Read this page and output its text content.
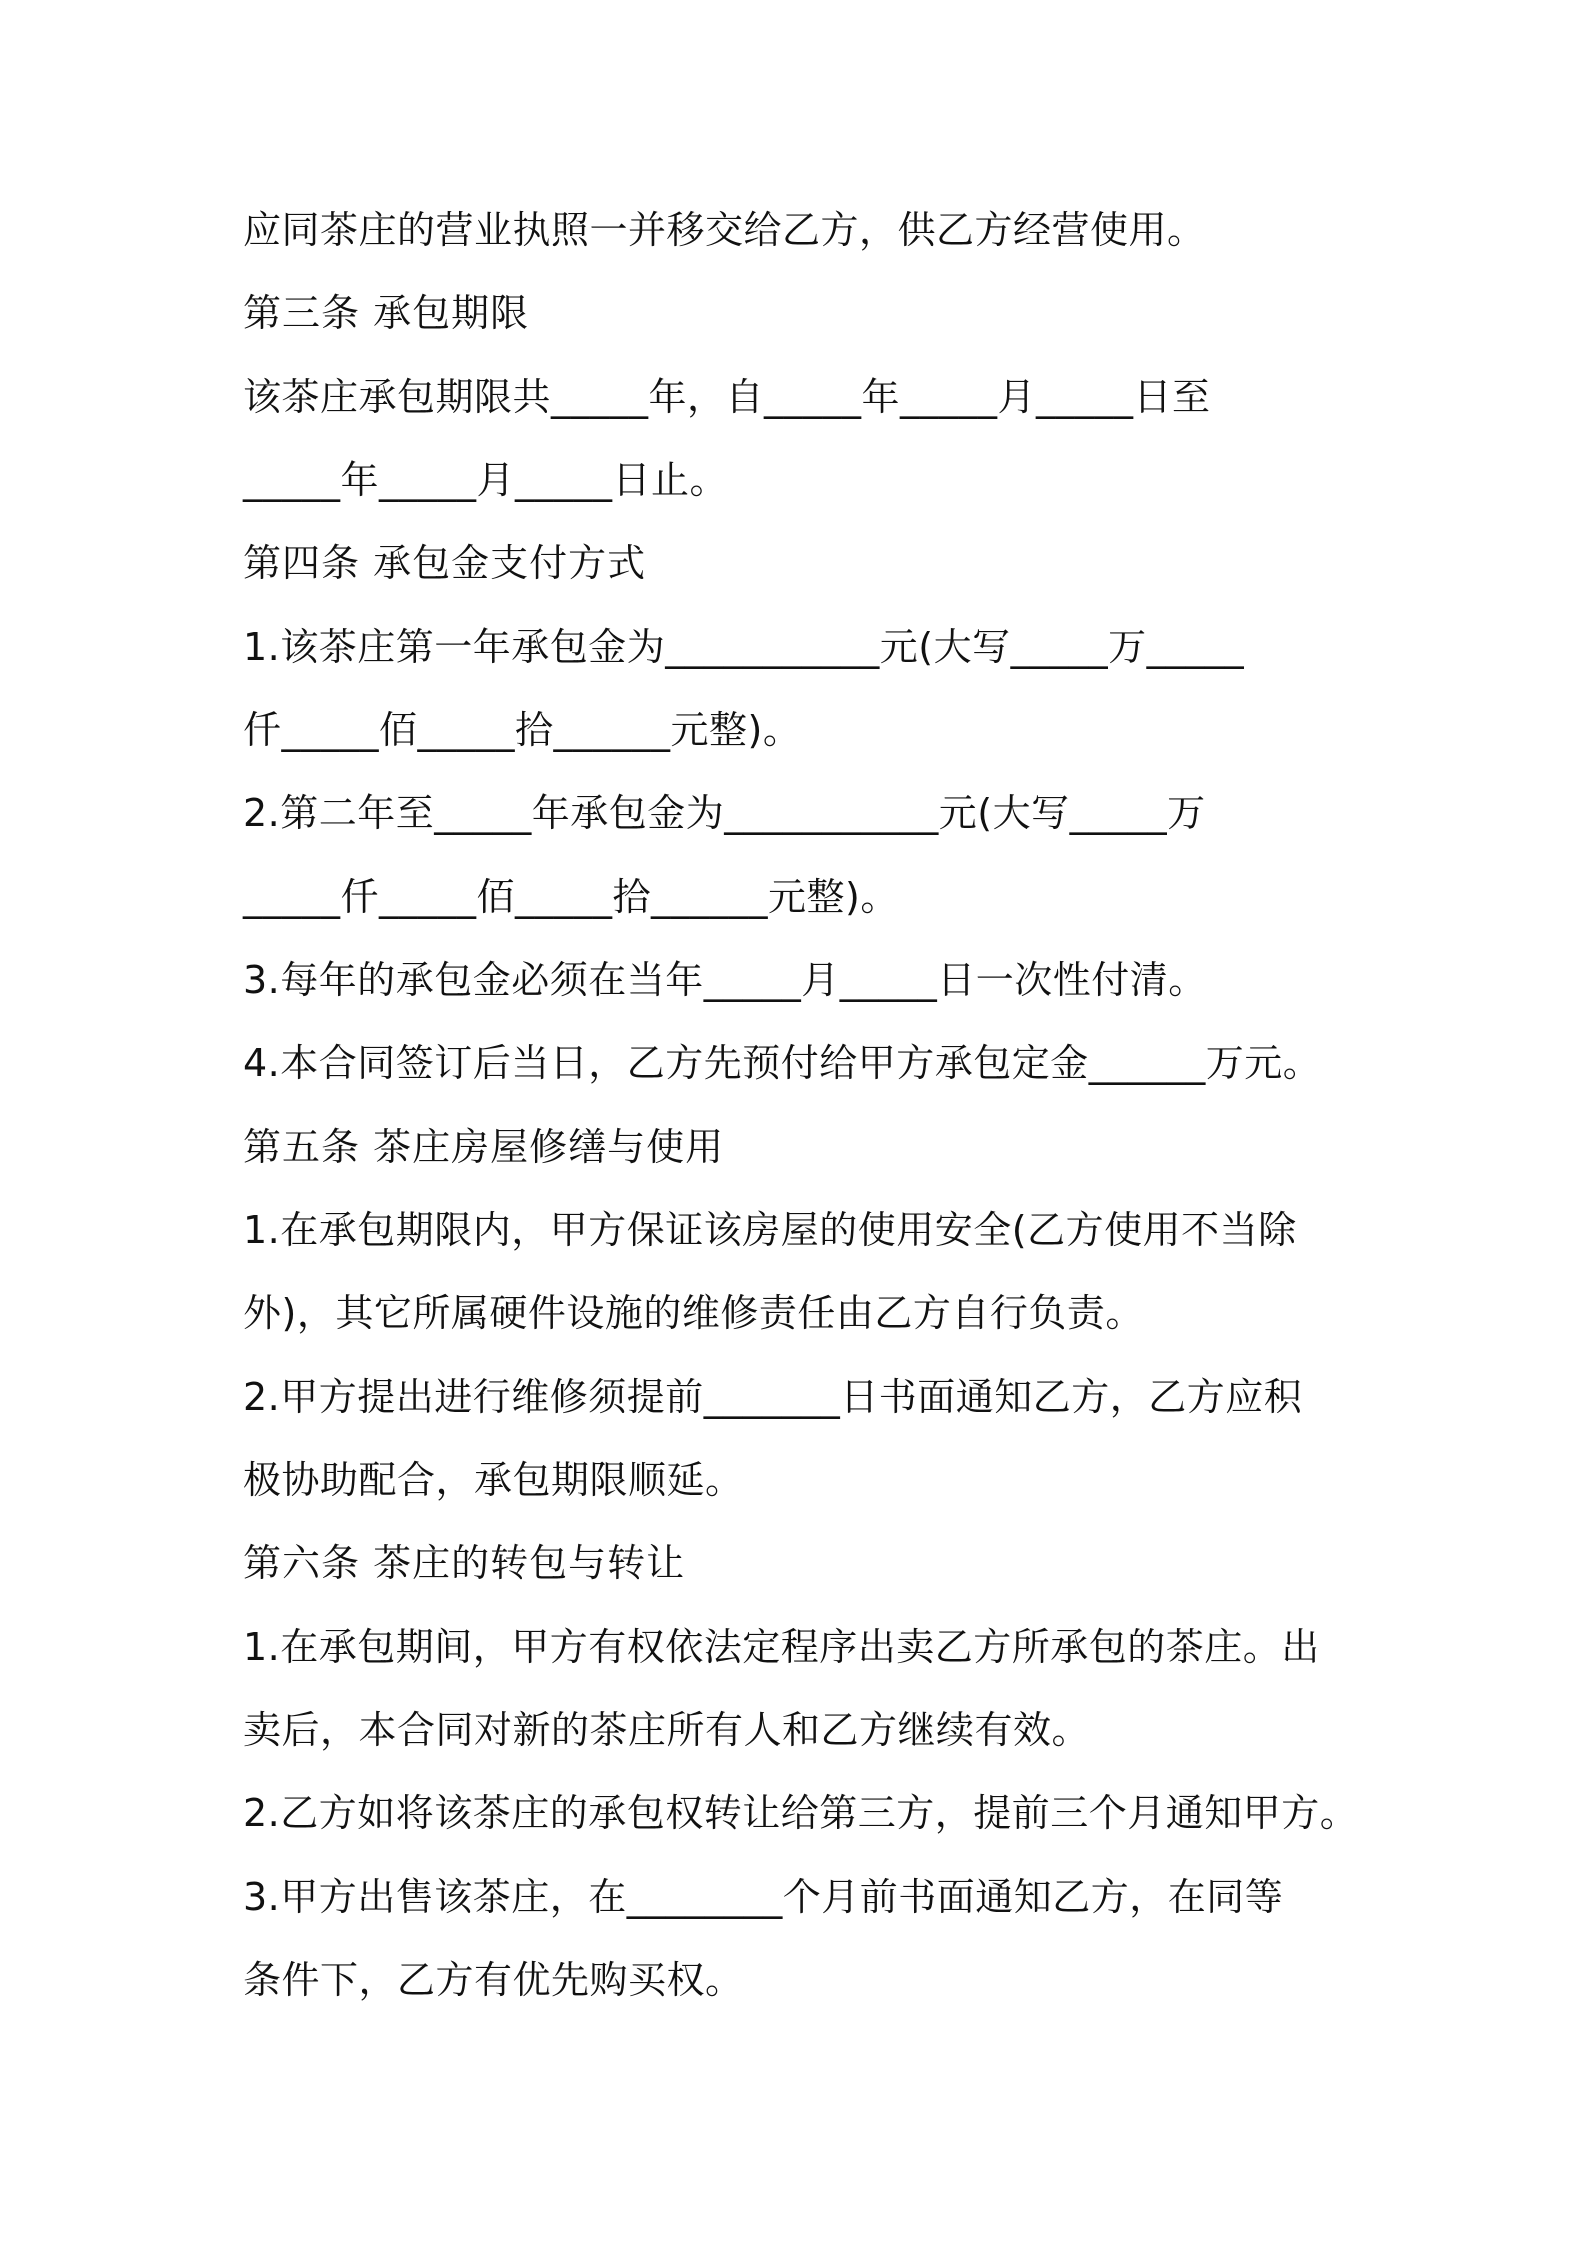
应同茶庄的营业执照一并移交给乙方，供乙方经营使用。
第三条 承包期限
该茶庄承包期限共_____年，自_____年_____月_____日至
_____年_____月_____日止。
第四条 承包金支付方式
1.该茶庄第一年承包金为___________元(大写_____万_____
仟_____佰_____拾______元整)。
2.第二年至_____年承包金为___________元(大写_____万
_____仟_____佰_____拾______元整)。
3.每年的承包金必须在当年_____月_____日一次性付清。
4.本合同签订后当日，乙方先预付给甲方承包定金______万元。
第五条 茶庄房屋修缮与使用
1.在承包期限内，甲方保证该房屋的使用安全(乙方使用不当除
外)，其它所属硬件设施的维修责任由乙方自行负责。
2.甲方提出进行维修须提前_______日书面通知乙方，乙方应积
极协助配合，承包期限顺延。
第六条 茶庄的转包与转让
1.在承包期间，甲方有权依法定程序出卖乙方所承包的茶庄。出
卖后，本合同对新的茶庄所有人和乙方继续有效。
2.乙方如将该茶庄的承包权转让给第三方，提前三个月通知甲方。
3.甲方出售该茶庄，在________个月前书面通知乙方，在同等
条件下，乙方有优先购买权。
